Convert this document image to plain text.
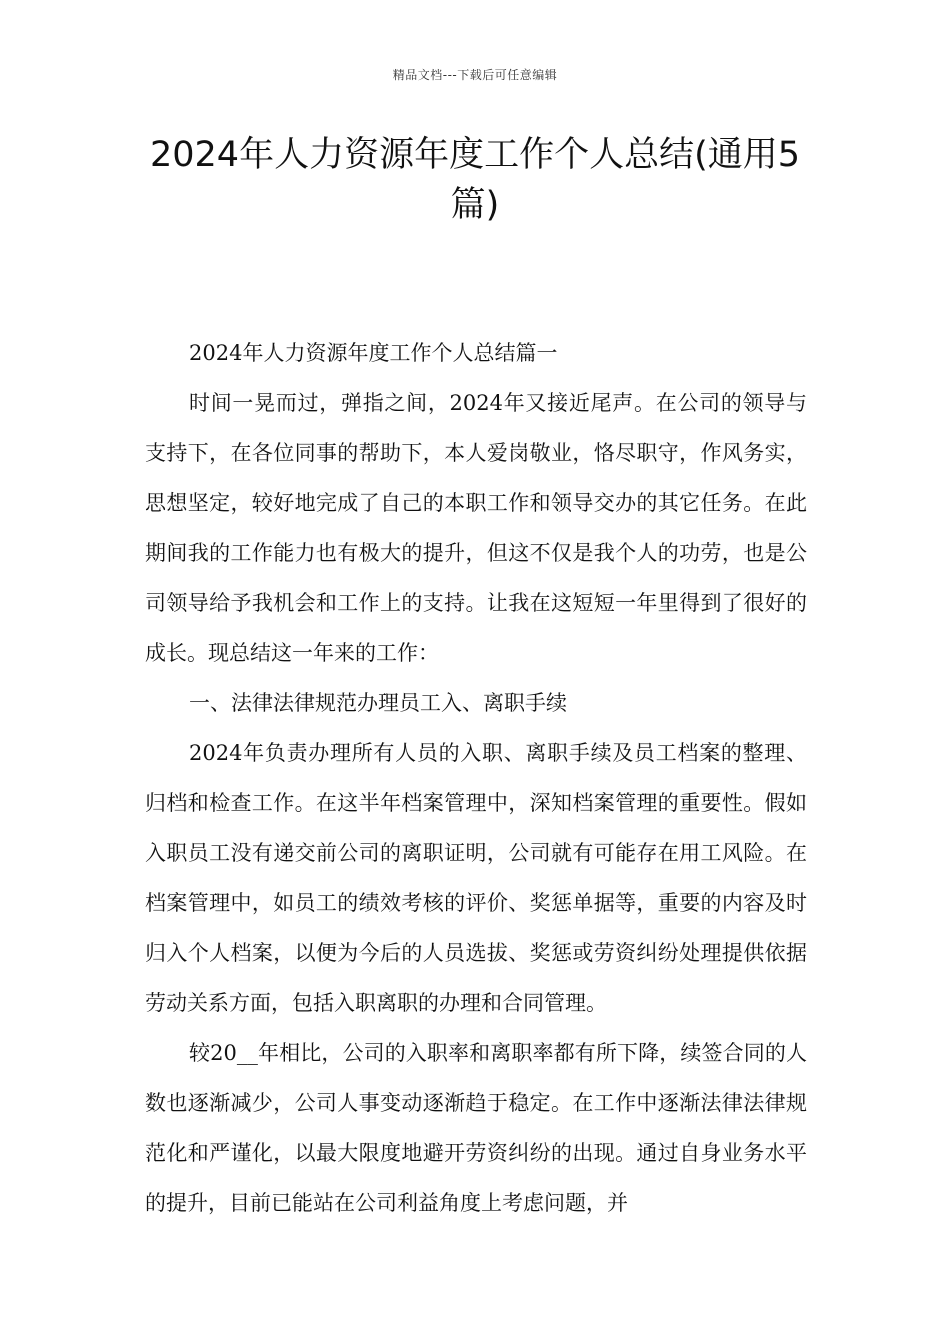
精品文档---下载后可任意编辑
2024年人力资源年度工作个人总结(通用5篇)

2024年人力资源年度工作个人总结篇一

时间一晃而过，弹指之间，2024年又接近尾声。在公司的领导与支持下，在各位同事的帮助下，本人爱岗敬业，恪尽职守，作风务实，思想坚定，较好地完成了自己的本职工作和领导交办的其它任务。在此期间我的工作能力也有极大的提升，但这不仅是我个人的功劳，也是公司领导给予我机会和工作上的支持。让我在这短短一年里得到了很好的成长。现总结这一年来的工作：

一、法律法律规范办理员工入、离职手续

2024年负责办理所有人员的入职、离职手续及员工档案的整理、归档和检查工作。在这半年档案管理中，深知档案管理的重要性。假如入职员工没有递交前公司的离职证明，公司就有可能存在用工风险。在档案管理中，如员工的绩效考核的评价、奖惩单据等，重要的内容及时归入个人档案，以便为今后的人员选拔、奖惩或劳资纠纷处理提供依据劳动关系方面，包括入职离职的办理和合同管理。

较20__年相比，公司的入职率和离职率都有所下降，续签合同的人数也逐渐减少，公司人事变动逐渐趋于稳定。在工作中逐渐法律法律规范化和严谨化，以最大限度地避开劳资纠纷的出现。通过自身业务水平的提升，目前已能站在公司利益角度上考虑问题，并
